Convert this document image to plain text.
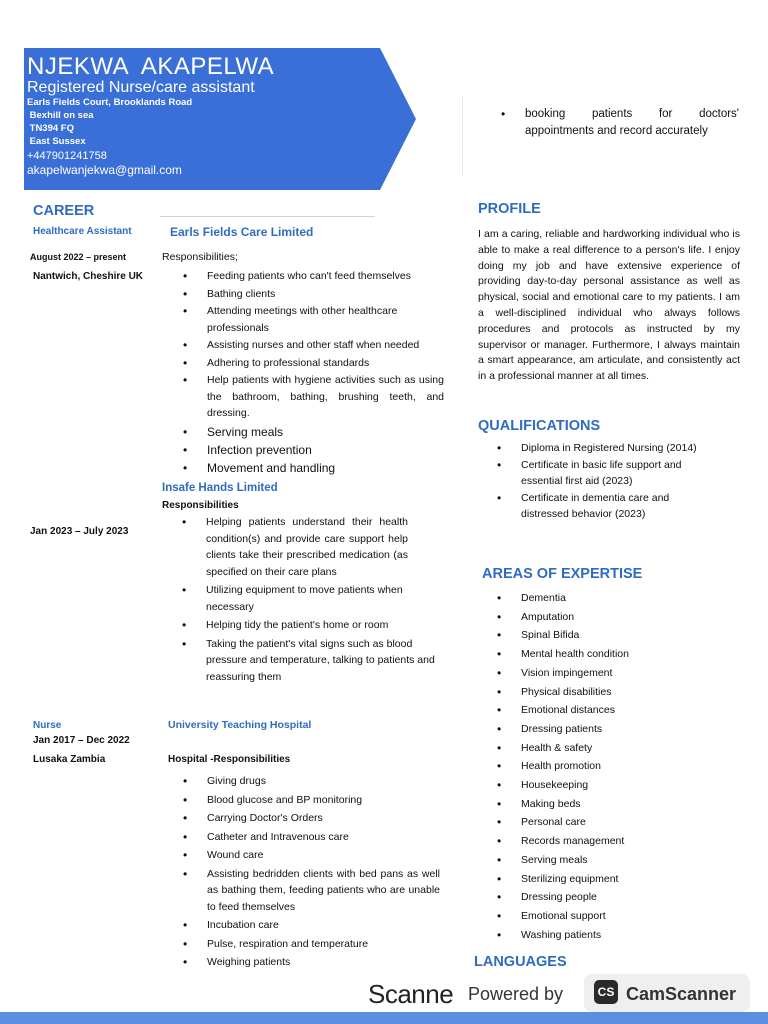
NJEKWA  AKAPELWA
Registered Nurse/care assistant
Earls Fields Court, Brooklands Road
Bexhill on sea
TN394 FQ
East Sussex
+447901241758
akapelwanjekwa@gmail.com
• booking patients for doctors' appointments and record accurately
CAREER
Healthcare Assistant	Earls Fields Care Limited
August 2022 – present
Nantwich, Cheshire UK
Responsibilities;
• Feeding patients who can't feed themselves
• Bathing clients
• Attending meetings with other healthcare professionals
• Assisting nurses and other staff when needed
• Adhering to professional standards
• Help patients with hygiene activities such as using the bathroom, bathing, brushing teeth, and dressing.
• Serving meals
• Infection prevention
• Movement and handling
Insafe Hands Limited
Responsibilities
Jan 2023 – July 2023
• Helping patients understand their health condition(s) and provide care support help clients take their prescribed medication (as specified on their care plans
• Utilizing equipment to move patients when necessary
• Helping tidy the patient's home or room
• Taking the patient's vital signs such as blood pressure and temperature, talking to patients and reassuring them
Nurse	University Teaching Hospital
Jan 2017 – Dec 2022
Lusaka Zambia	Hospital -Responsibilities
• Giving drugs
• Blood glucose and BP monitoring
• Carrying Doctor's Orders
• Catheter and Intravenous care
• Wound care
• Assisting bedridden clients with bed pans as well as bathing them, feeding patients who are unable to feed themselves
• Incubation care
• Pulse, respiration and temperature
• Weighing patients
PROFILE
I am a caring, reliable and hardworking individual who is able to make a real difference to a person's life. I enjoy doing my job and have extensive experience of providing day-to-day personal assistance as well as physical, social and emotional care to my patients. I am a well-disciplined individual who always follows procedures and protocols as instructed by my supervisor or manager. Furthermore, I always maintain a smart appearance, am articulate, and consistently act in a professional manner at all times.
QUALIFICATIONS
• Diploma in Registered Nursing (2014)
• Certificate in basic life support and essential first aid (2023)
• Certificate in dementia care and distressed behavior (2023)
AREAS OF EXPERTISE
• Dementia
• Amputation
• Spinal Bifida
• Mental health condition
• Vision impingement
• Physical disabilities
• Emotional distances
• Dressing patients
• Health & safety
• Health promotion
• Housekeeping
• Making beds
• Personal care
• Records management
• Serving meals
• Sterilizing equipment
• Dressing people
• Emotional support
• Washing patients
LANGUAGES
Scanne Powered by	CS CamScanner
